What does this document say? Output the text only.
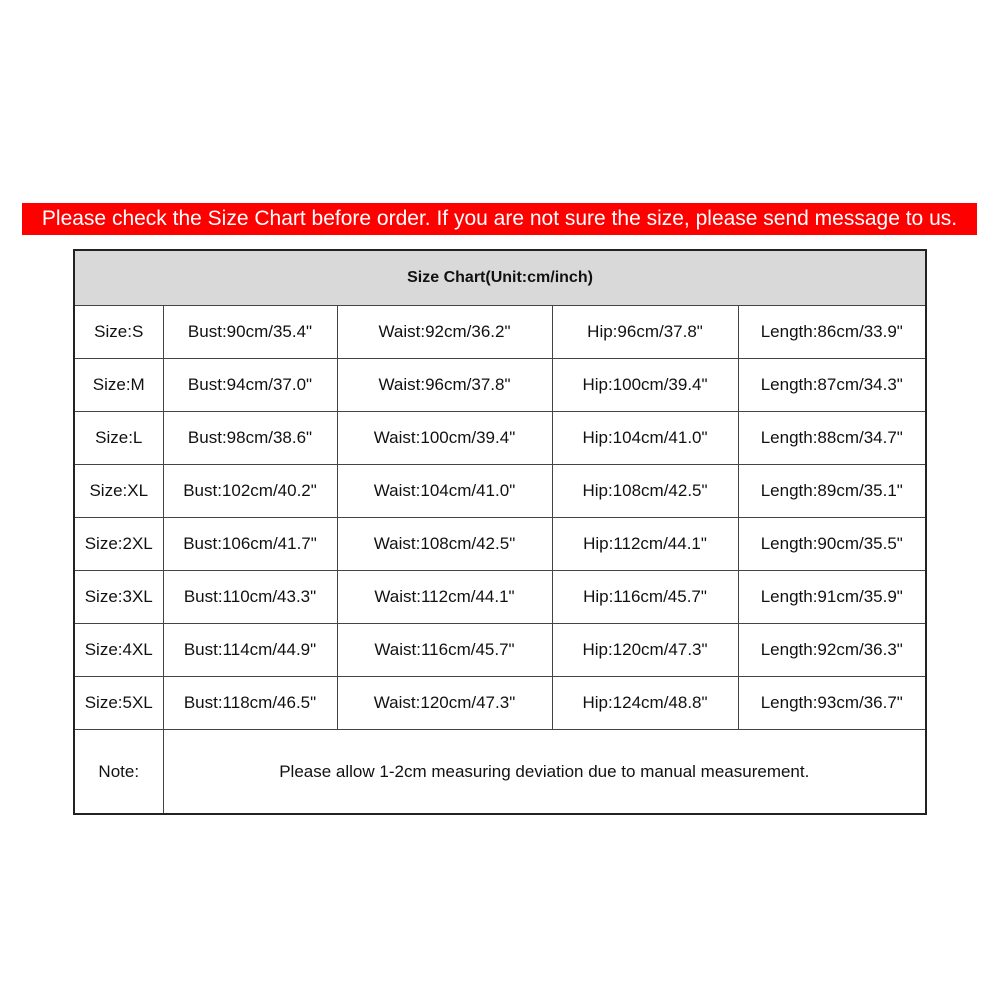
Please check the Size Chart before order. If you are not sure the size, please send message to us.
Size Chart(Unit:cm/inch)				
Size:S	Bust:90cm/35.4"	Waist:92cm/36.2"	Hip:96cm/37.8"	Length:86cm/33.9"
Size:M	Bust:94cm/37.0"	Waist:96cm/37.8"	Hip:100cm/39.4"	Length:87cm/34.3"
Size:L	Bust:98cm/38.6"	Waist:100cm/39.4"	Hip:104cm/41.0"	Length:88cm/34.7"
Size:XL	Bust:102cm/40.2"	Waist:104cm/41.0"	Hip:108cm/42.5"	Length:89cm/35.1"
Size:2XL	Bust:106cm/41.7"	Waist:108cm/42.5"	Hip:112cm/44.1"	Length:90cm/35.5"
Size:3XL	Bust:110cm/43.3"	Waist:112cm/44.1"	Hip:116cm/45.7"	Length:91cm/35.9"
Size:4XL	Bust:114cm/44.9"	Waist:116cm/45.7"	Hip:120cm/47.3"	Length:92cm/36.3"
Size:5XL	Bust:118cm/46.5"	Waist:120cm/47.3"	Hip:124cm/48.8"	Length:93cm/36.7"
Note:	Please allow 1-2cm measuring deviation due to manual measurement.			
